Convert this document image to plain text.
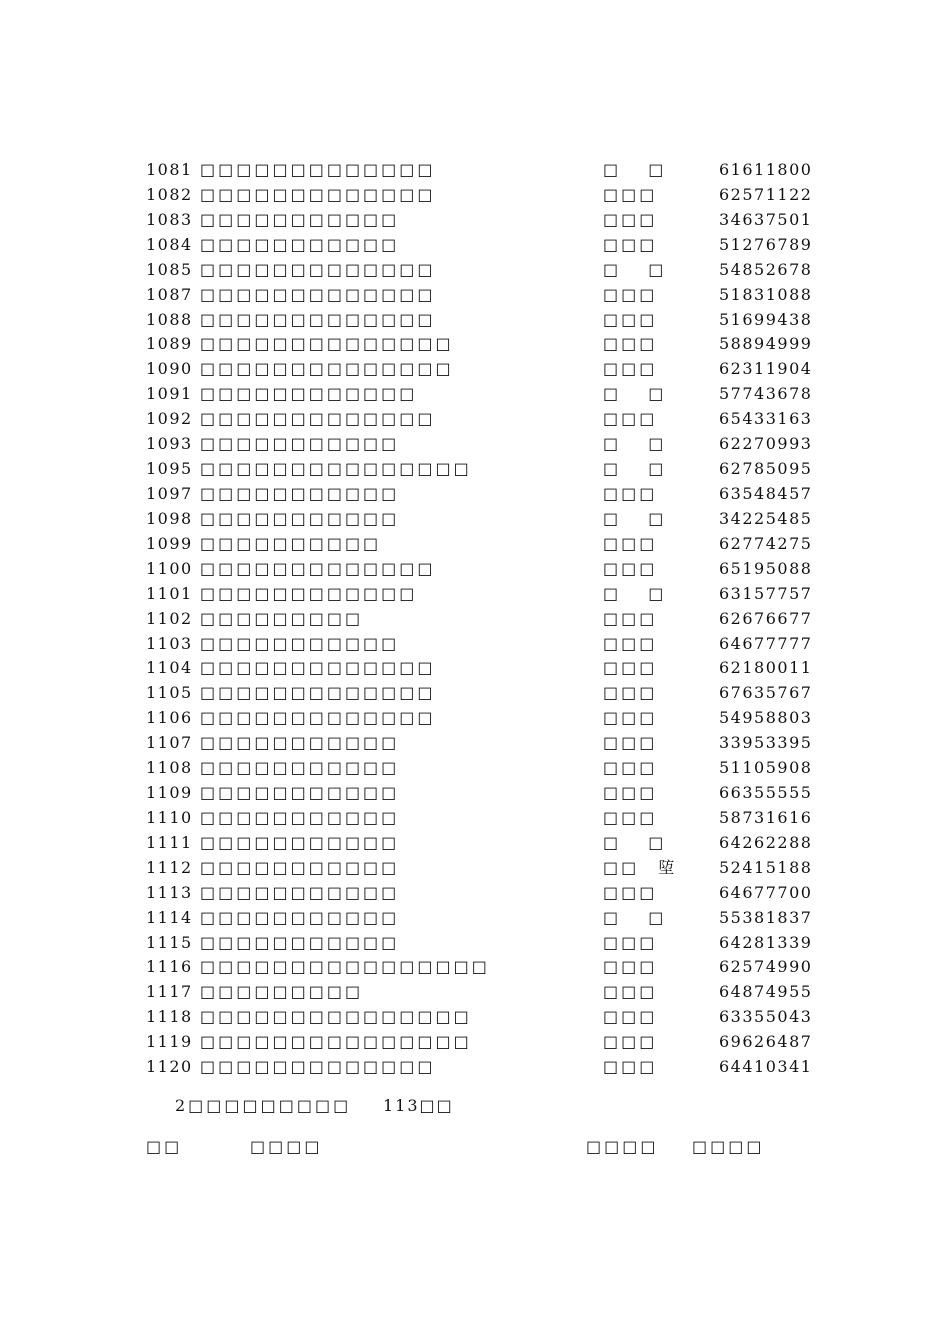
1081 □□□□□□□□□□□□□	□　 □	61611800
1082 □□□□□□□□□□□□□	□□□	62571122
1083 □□□□□□□□□□□	□□□	34637501
1084 □□□□□□□□□□□	□□□	51276789
1085 □□□□□□□□□□□□□	□　 □	54852678
1087 □□□□□□□□□□□□□	□□□	51831088
1088 □□□□□□□□□□□□□	□□□	51699438
1089 □□□□□□□□□□□□□□	□□□	58894999
1090 □□□□□□□□□□□□□□	□□□	62311904
1091 □□□□□□□□□□□□	□　 □	57743678
1092 □□□□□□□□□□□□□	□□□	65433163
1093 □□□□□□□□□□□	□　 □	62270993
1095 □□□□□□□□□□□□□□□	□　 □	62785095
1097 □□□□□□□□□□□	□□□	63548457
1098 □□□□□□□□□□□	□　 □	34225485
1099 □□□□□□□□□□	□□□	62774275
1100 □□□□□□□□□□□□□	□□□	65195088
1101 □□□□□□□□□□□□	□　 □	63157757
1102 □□□□□□□□□	□□□	62676677
1103 □□□□□□□□□□□	□□□	64677777
1104 □□□□□□□□□□□□□	□□□	62180011
1105 □□□□□□□□□□□□□	□□□	67635767
1106 □□□□□□□□□□□□□	□□□	54958803
1107 □□□□□□□□□□□	□□□	33953395
1108 □□□□□□□□□□□	□□□	51105908
1109 □□□□□□□□□□□	□□□	66355555
1110 □□□□□□□□□□□	□□□	58731616
1111 □□□□□□□□□□□	□　 □	64262288
1112 □□□□□□□□□□□	□□　埅	52415188
1113 □□□□□□□□□□□	□□□	64677700
1114 □□□□□□□□□□□	□　 □	55381837
1115 □□□□□□□□□□□	□□□	64281339
1116 □□□□□□□□□□□□□□□□	□□□	62574990
1117 □□□□□□□□□	□□□	64874955
1118 □□□□□□□□□□□□□□□	□□□	63355043
1119 □□□□□□□□□□□□□□□	□□□	69626487
1120 □□□□□□□□□□□□□	□□□	64410341
2□□□□□□□□□ 113□□
□□	□□□□	□□□□ □□□□
